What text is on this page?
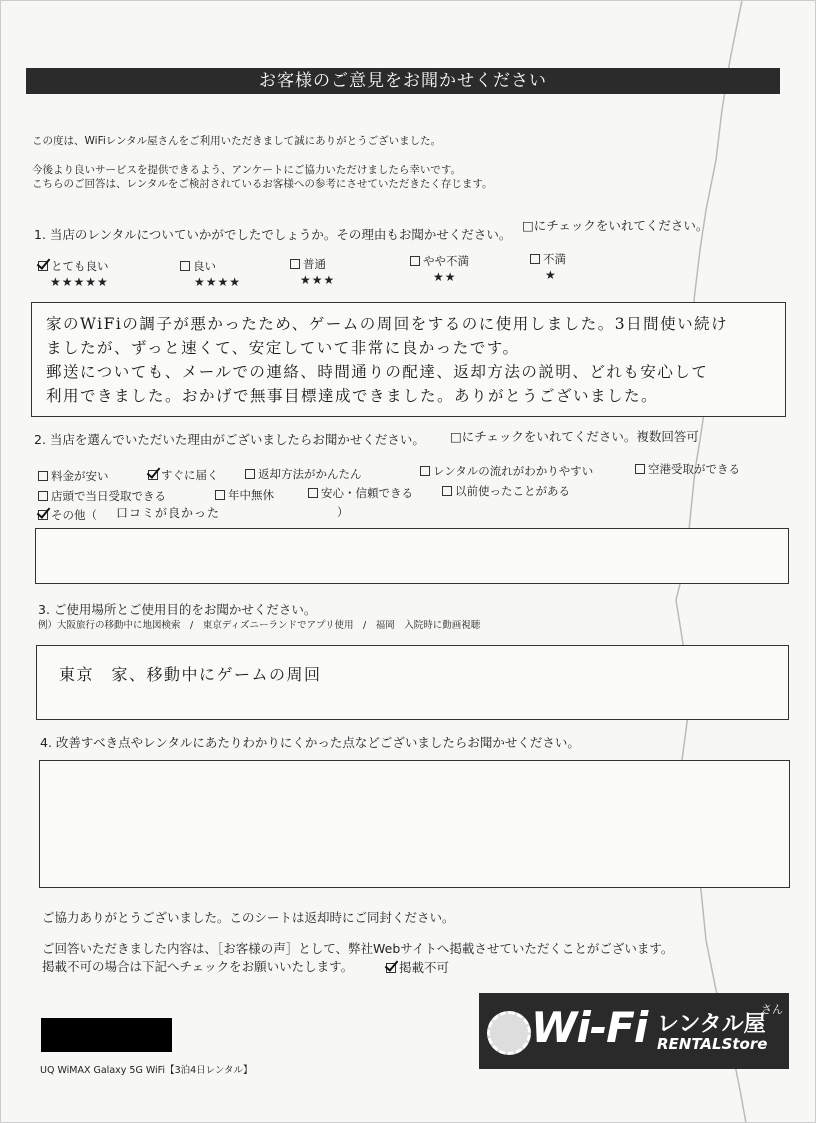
お客様のご意見をお聞かせください
この度は、WiFiレンタル屋さんをご利用いただきまして誠にありがとうございました。
今後より良いサービスを提供できるよう、アンケートにご協力いただけましたら幸いです。
こちらのご回答は、レンタルをご検討されているお客様への参考にさせていただきたく存じます。
1. 当店のレンタルについていかがでしたでしょうか。その理由もお聞かせください。
□にチェックをいれてください。
とても良い
★★★★★
良い
★★★★
普通
★★★
やや不満
★★
不満
★
家のWiFiの調子が悪かったため、ゲームの周回をするのに使用しました。3日間使い続け
ましたが、ずっと速くて、安定していて非常に良かったです。
郵送についても、メールでの連絡、時間通りの配達、返却方法の説明、どれも安心して
利用できました。おかげで無事目標達成できました。ありがとうございました。
2. 当店を選んでいただいた理由がございましたらお聞かせください。 □にチェックをいれてください。複数回答可
料金が安い	すぐに届く	返却方法がかんたん	レンタルの流れがわかりやすい	空港受取ができる
店頭で当日受取できる	年中無休	安心・信頼できる	以前使ったことがある
その他（ 口コミが良かった	）
3. ご使用場所とご使用目的をお聞かせください。
例）大阪旅行の移動中に地図検索　/　東京ディズニーランドでアプリ使用　/　福岡　入院時に動画視聴
東京　家、移動中にゲームの周回
4. 改善すべき点やレンタルにあたりわかりにくかった点などございましたらお聞かせください。
ご協力ありがとうございました。このシートは返却時にご同封ください。
ご回答いただきました内容は、［お客様の声］として、弊社Webサイトへ掲載させていただくことがございます。
掲載不可の場合は下記へチェックをお願いいたします。	掲載不可
UQ WiMAX Galaxy 5G WiFi【3泊4日レンタル】
Wi-Fi レンタル屋
さん
RENTALStore
